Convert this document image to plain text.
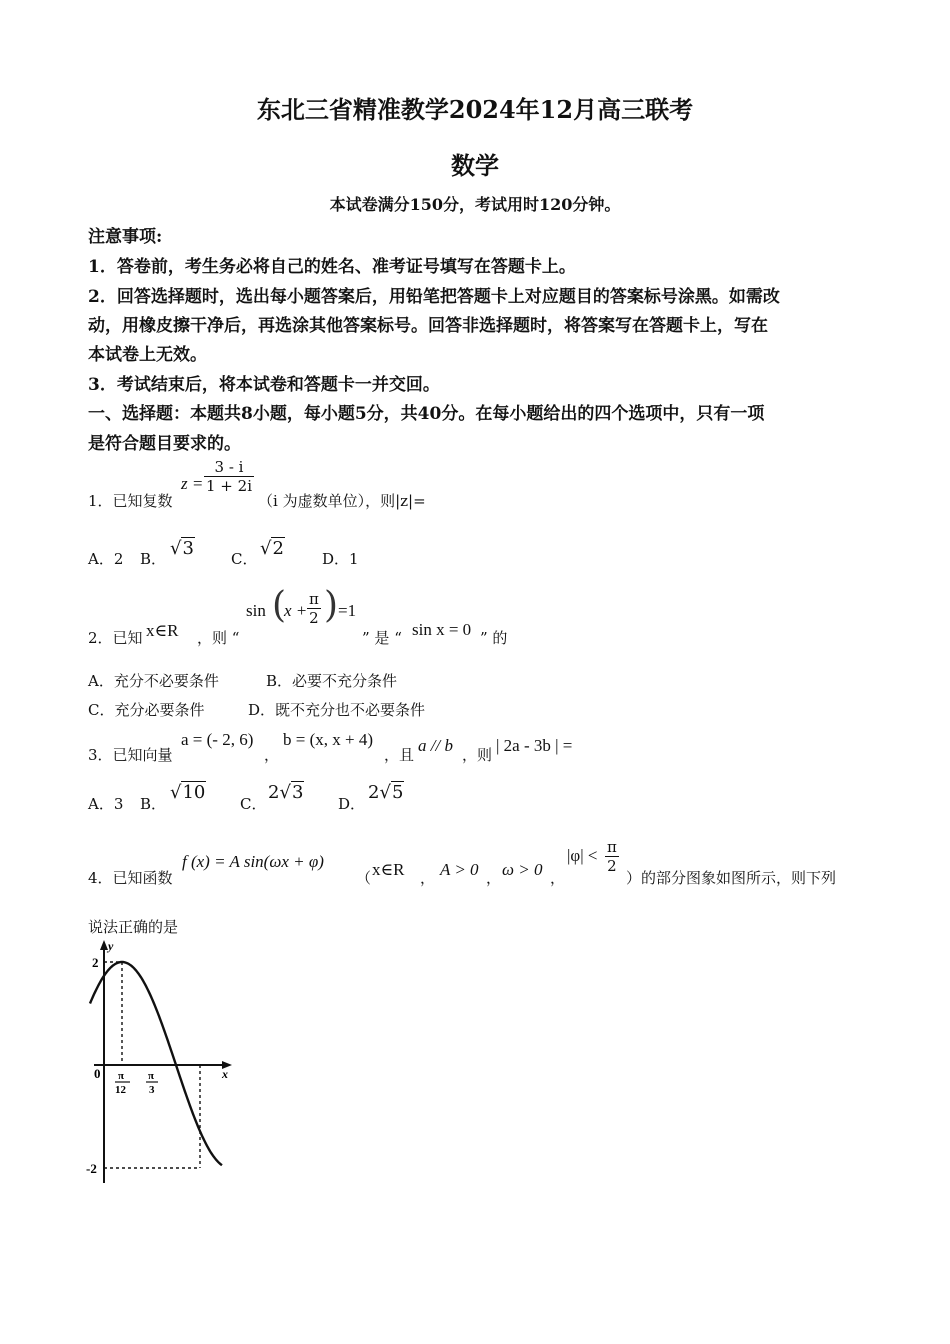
东北三省精准教学2024年12月高三联考
数学
本试卷满分150分，考试用时120分钟。
注意事项:
1．答卷前，考生务必将自己的姓名、准考证号填写在答题卡上。
2．回答选择题时，选出每小题答案后，用铅笔把答题卡上对应题目的答案标号涂黑。如需改
动，用橡皮擦干净后，再选涂其他答案标号。回答非选择题时，将答案写在答题卡上，写在
本试卷上无效。
3．考试结束后，将本试卷和答题卡一并交回。
一、选择题：本题共8小题，每小题5分，共40分。在每小题给出的四个选项中，只有一项
是符合题目要求的。
1．已知复数
$z = \frac{3 - i}{1 + 2i}$
（i 为虚数单位），则|z|=
A．2 B． √3 C． √2	D．1
2．已知 x∈R ，则 “
sin (
$x + \frac{\pi}{2}$ ) =1
” 是 “ sin x = 0 ” 的
A．充分不必要条件	B．必要不充分条件
C．充分必要条件	D．既不充分也不必要条件
3．已知向量
a = (- 2, 6)
，
b = (x, x + 4)
，且 a // b ，则 | 2a - 3b | =
A．3 B．
√10
C．
2√3
D．
2√5
4．已知函数
f (x) = A sin(ωx + φ)
（ x∈R ， A > 0 ， ω > 0 ，
$|\varphi| < \frac{\pi}{2}$
）的部分图象如图所示，则下列
说法正确的是
y
x
0
2
-2
π
12
π
3
